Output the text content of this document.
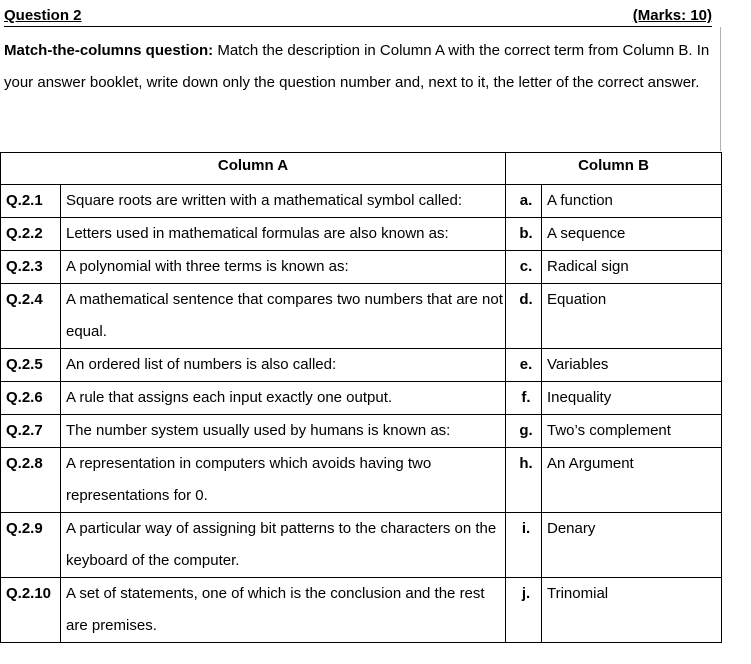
Question 2	(Marks: 10)
Match-the-columns question: Match the description in Column A with the correct term from Column B. In your answer booklet, write down only the question number and, next to it, the letter of the correct answer.
Column A		Column B	
Q.2.1	Square roots are written with a mathematical symbol called:	a.	A function
Q.2.2	Letters used in mathematical formulas are also known as:	b.	A sequence
Q.2.3	A polynomial with three terms is known as:	c.	Radical sign
Q.2.4	A mathematical sentence that compares two numbers that are not equal.	d.	Equation
Q.2.5	An ordered list of numbers is also called:	e.	Variables
Q.2.6	A rule that assigns each input exactly one output.	f.	Inequality
Q.2.7	The number system usually used by humans is known as:	g.	Two’s complement
Q.2.8	A representation in computers which avoids having two representations for 0.	h.	An Argument
Q.2.9	A particular way of assigning bit patterns to the characters on the keyboard of the computer.	i.	Denary
Q.2.10	A set of statements, one of which is the conclusion and the rest are premises.	j.	Trinomial
